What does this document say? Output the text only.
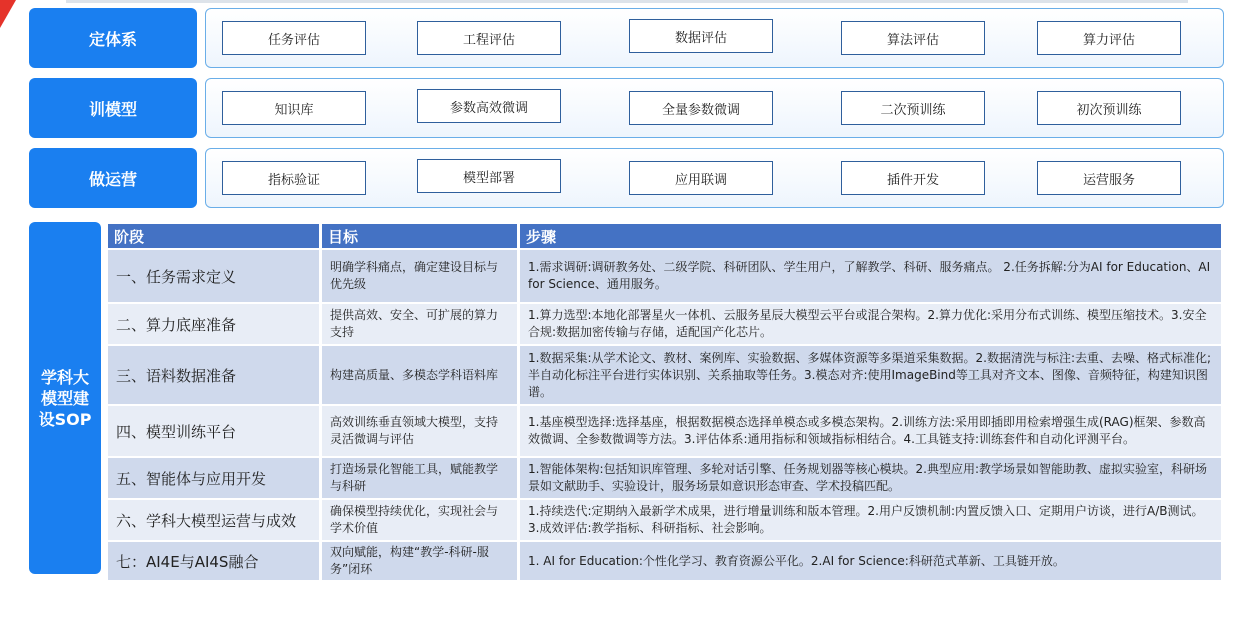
定体系	任务评估	工程评估	数据评估	算法评估	算力评估
训模型	知识库	参数高效微调	全量参数微调	二次预训练	初次预训练
做运营	指标验证	模型部署	应用联调	插件开发	运营服务
学科大模型建设SOP
阶段	目标	步骤
一、任务需求定义	明确学科痛点，确定建设目标与优先级	1.需求调研:调研教务处、二级学院、科研团队、学生用户，了解教学、科研、服务痛点。 2.任务拆解:分为AI for Education、AI for Science、通用服务。
二、算力底座准备	提供高效、安全、可扩展的算力支持	1.算力选型:本地化部署星火一体机、云服务星辰大模型云平台或混合架构。2.算力优化:采用分布式训练、模型压缩技术。3.安全合规:数据加密传输与存储，适配国产化芯片。
三、语料数据准备	构建高质量、多模态学科语料库	1.数据采集:从学术论文、教材、案例库、实验数据、多媒体资源等多渠道采集数据。2.数据清洗与标注:去重、去噪、格式标准化;半自动化标注平台进行实体识别、关系抽取等任务。3.模态对齐:使用ImageBind等工具对齐文本、图像、音频特征，构建知识图谱。
四、模型训练平台	高效训练垂直领域大模型，支持灵活微调与评估	1.基座模型选择:选择基座，根据数据模态选择单模态或多模态架构。2.训练方法:采用即插即用检索增强生成(RAG)框架、参数高效微调、全参数微调等方法。3.评估体系:通用指标和领域指标相结合。4.工具链支持:训练套件和自动化评测平台。
五、智能体与应用开发	打造场景化智能工具，赋能教学与科研	1.智能体架构:包括知识库管理、多轮对话引擎、任务规划器等核心模块。2.典型应用:教学场景如智能助教、虚拟实验室，科研场景如文献助手、实验设计，服务场景如意识形态审查、学术投稿匹配。
六、学科大模型运营与成效	确保模型持续优化，实现社会与学术价值	1.持续迭代:定期纳入最新学术成果，进行增量训练和版本管理。2.用户反馈机制:内置反馈入口、定期用户访谈，进行A/B测试。3.成效评估:教学指标、科研指标、社会影响。
七：AI4E与AI4S融合	双向赋能，构建“教学-科研-服务”闭环	1. AI for Education:个性化学习、教育资源公平化。2.AI for Science:科研范式革新、工具链开放。
